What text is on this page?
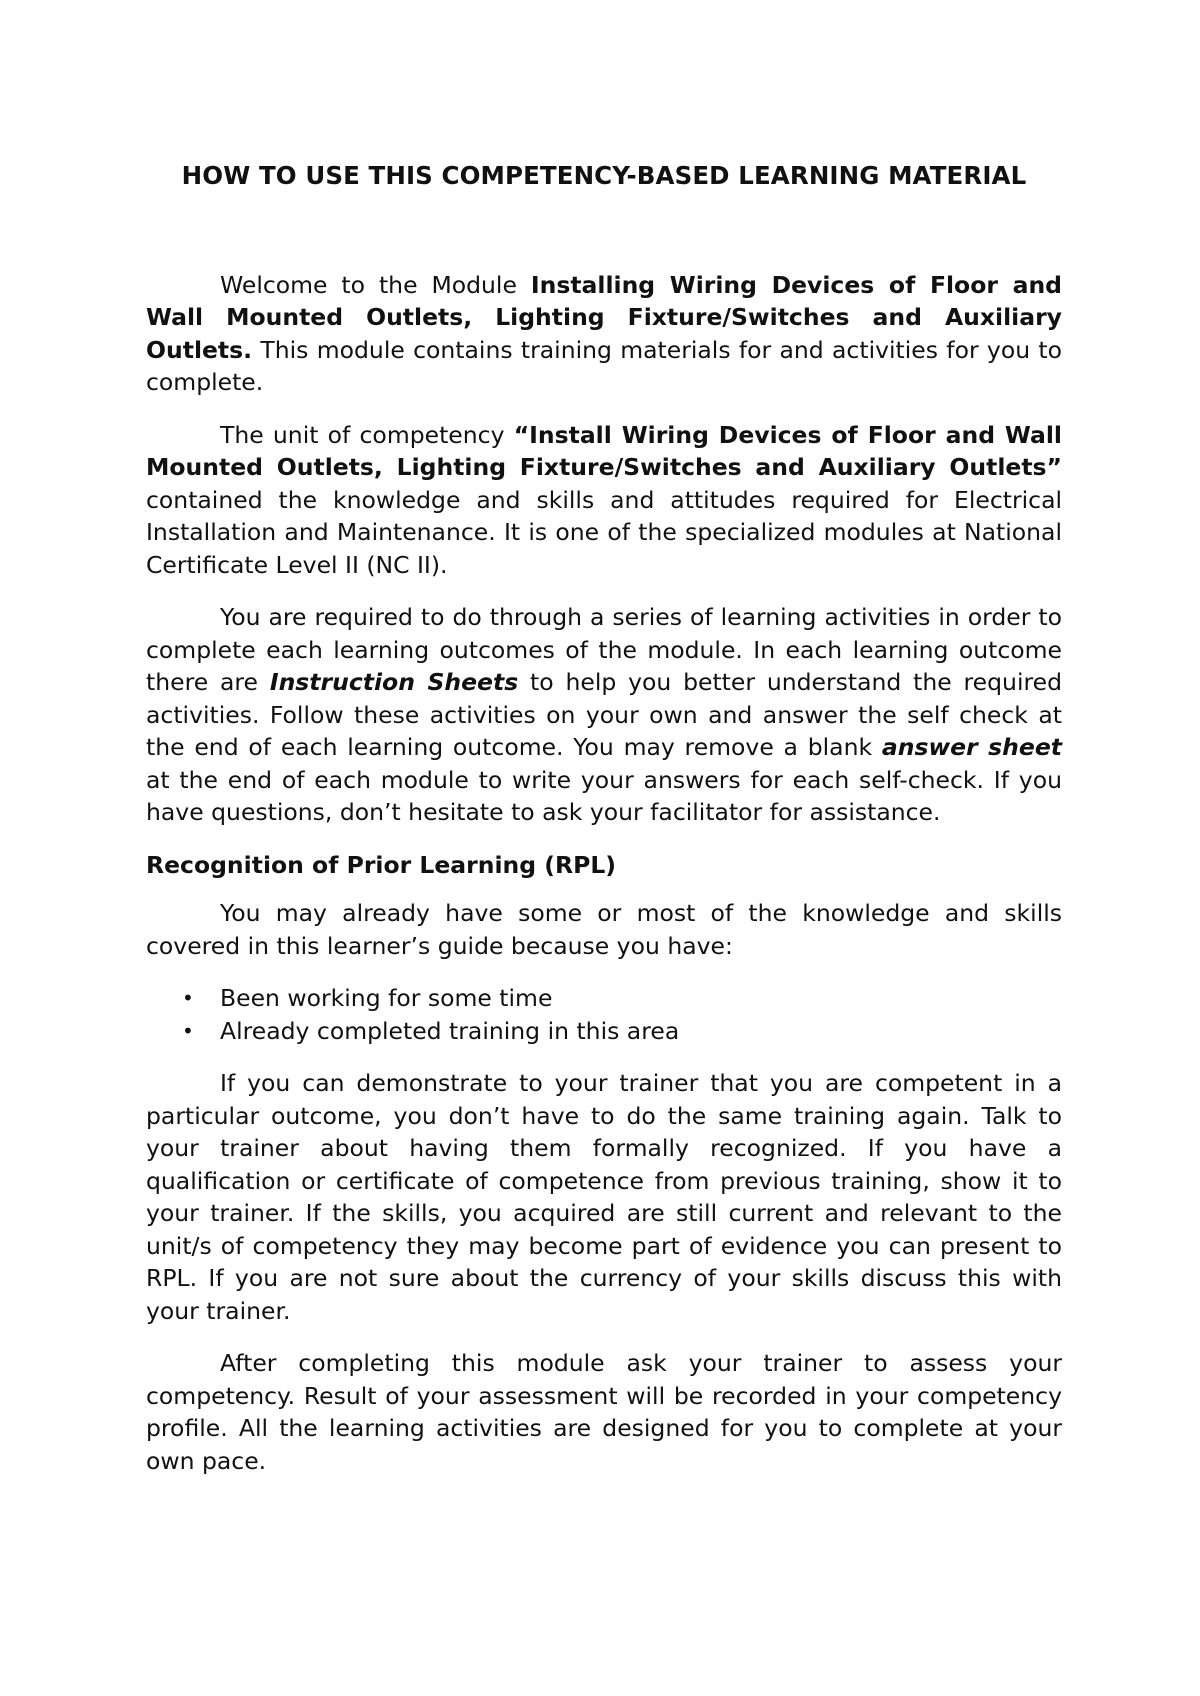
HOW TO USE THIS COMPETENCY-BASED LEARNING MATERIAL

Welcome to the Module Installing Wiring Devices of Floor and Wall Mounted Outlets, Lighting Fixture/Switches and Auxiliary Outlets. This module contains training materials for and activities for you to complete.

The unit of competency “Install Wiring Devices of Floor and Wall Mounted Outlets, Lighting Fixture/Switches and Auxiliary Outlets” contained the knowledge and skills and attitudes required for Electrical Installation and Maintenance. It is one of the specialized modules at National Certificate Level II (NC II).

You are required to do through a series of learning activities in order to complete each learning outcomes of the module. In each learning outcome there are Instruction Sheets to help you better understand the required activities. Follow these activities on your own and answer the self check at the end of each learning outcome. You may remove a blank answer sheet at the end of each module to write your answers for each self-check. If you have questions, don’t hesitate to ask your facilitator for assistance.

Recognition of Prior Learning (RPL)

You may already have some or most of the knowledge and skills covered in this learner’s guide because you have:

• Been working for some time
• Already completed training in this area

If you can demonstrate to your trainer that you are competent in a particular outcome, you don’t have to do the same training again. Talk to your trainer about having them formally recognized. If you have a qualification or certificate of competence from previous training, show it to your trainer. If the skills, you acquired are still current and relevant to the unit/s of competency they may become part of evidence you can present to RPL. If you are not sure about the currency of your skills discuss this with your trainer.

After completing this module ask your trainer to assess your competency. Result of your assessment will be recorded in your competency profile. All the learning activities are designed for you to complete at your own pace.
